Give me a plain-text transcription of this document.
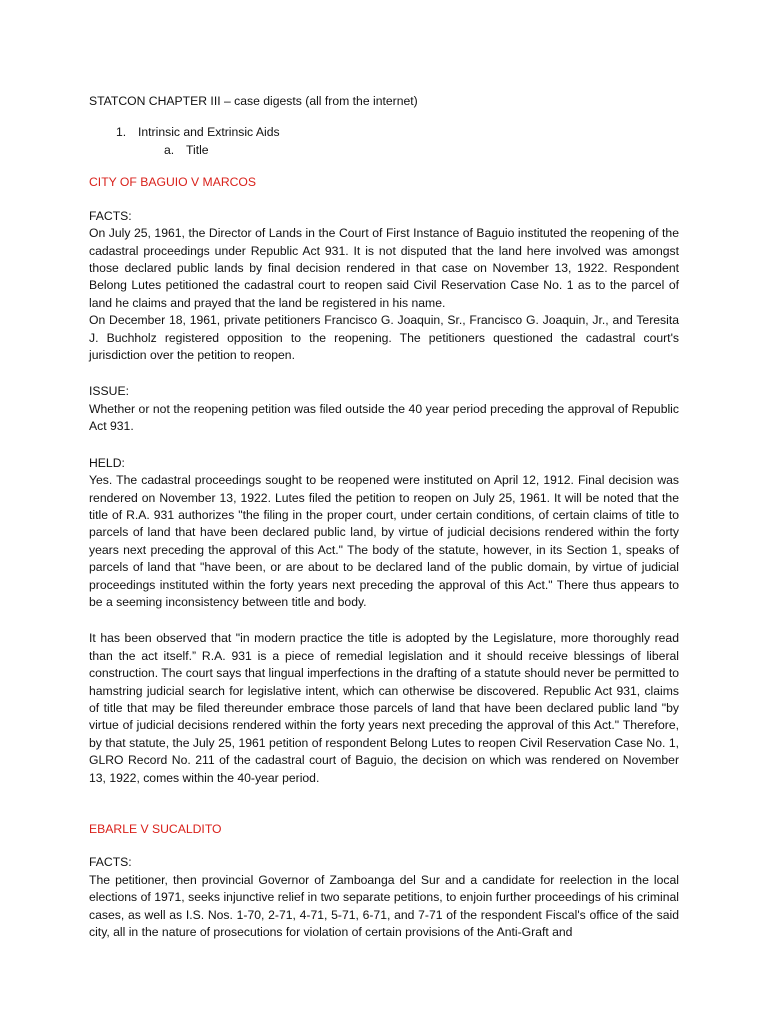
STATCON CHAPTER III – case digests (all from the internet)

1. Intrinsic and Extrinsic Aids
a. Title

CITY OF BAGUIO V MARCOS

FACTS:

On July 25, 1961, the Director of Lands in the Court of First Instance of Baguio instituted the reopening of the cadastral proceedings under Republic Act 931. It is not disputed that the land here involved was amongst those declared public lands by final decision rendered in that case on November 13, 1922. Respondent Belong Lutes petitioned the cadastral court to reopen said Civil Reservation Case No. 1 as to the parcel of land he claims and prayed that the land be registered in his name.

On December 18, 1961, private petitioners Francisco G. Joaquin, Sr., Francisco G. Joaquin, Jr., and Teresita J. Buchholz registered opposition to the reopening. The petitioners questioned the cadastral court's jurisdiction over the petition to reopen.

ISSUE:

Whether or not the reopening petition was filed outside the 40 year period preceding the approval of Republic Act 931.

HELD:

Yes. The cadastral proceedings sought to be reopened were instituted on April 12, 1912. Final decision was rendered on November 13, 1922. Lutes filed the petition to reopen on July 25, 1961. It will be noted that the title of R.A. 931 authorizes "the filing in the proper court, under certain conditions, of certain claims of title to parcels of land that have been declared public land, by virtue of judicial decisions rendered within the forty years next preceding the approval of this Act." The body of the statute, however, in its Section 1, speaks of parcels of land that "have been, or are about to be declared land of the public domain, by virtue of judicial proceedings instituted within the forty years next preceding the approval of this Act." There thus appears to be a seeming inconsistency between title and body.

It has been observed that "in modern practice the title is adopted by the Legislature, more thoroughly read than the act itself.” R.A. 931 is a piece of remedial legislation and it should receive blessings of liberal construction. The court says that lingual imperfections in the drafting of a statute should never be permitted to hamstring judicial search for legislative intent, which can otherwise be discovered. Republic Act 931, claims of title that may be filed thereunder embrace those parcels of land that have been declared public land "by virtue of judicial decisions rendered within the forty years next preceding the approval of this Act." Therefore, by that statute, the July 25, 1961 petition of respondent Belong Lutes to reopen Civil Reservation Case No. 1, GLRO Record No. 211 of the cadastral court of Baguio, the decision on which was rendered on November 13, 1922, comes within the 40-year period.

EBARLE V SUCALDITO

FACTS:

The petitioner, then provincial Governor of Zamboanga del Sur and a candidate for reelection in the local elections of 1971, seeks injunctive relief in two separate petitions, to enjoin further proceedings of his criminal cases, as well as I.S. Nos. 1-70, 2-71, 4-71, 5-71, 6-71, and 7-71 of the respondent Fiscal's office of the said city, all in the nature of prosecutions for violation of certain provisions of the Anti-Graft and
